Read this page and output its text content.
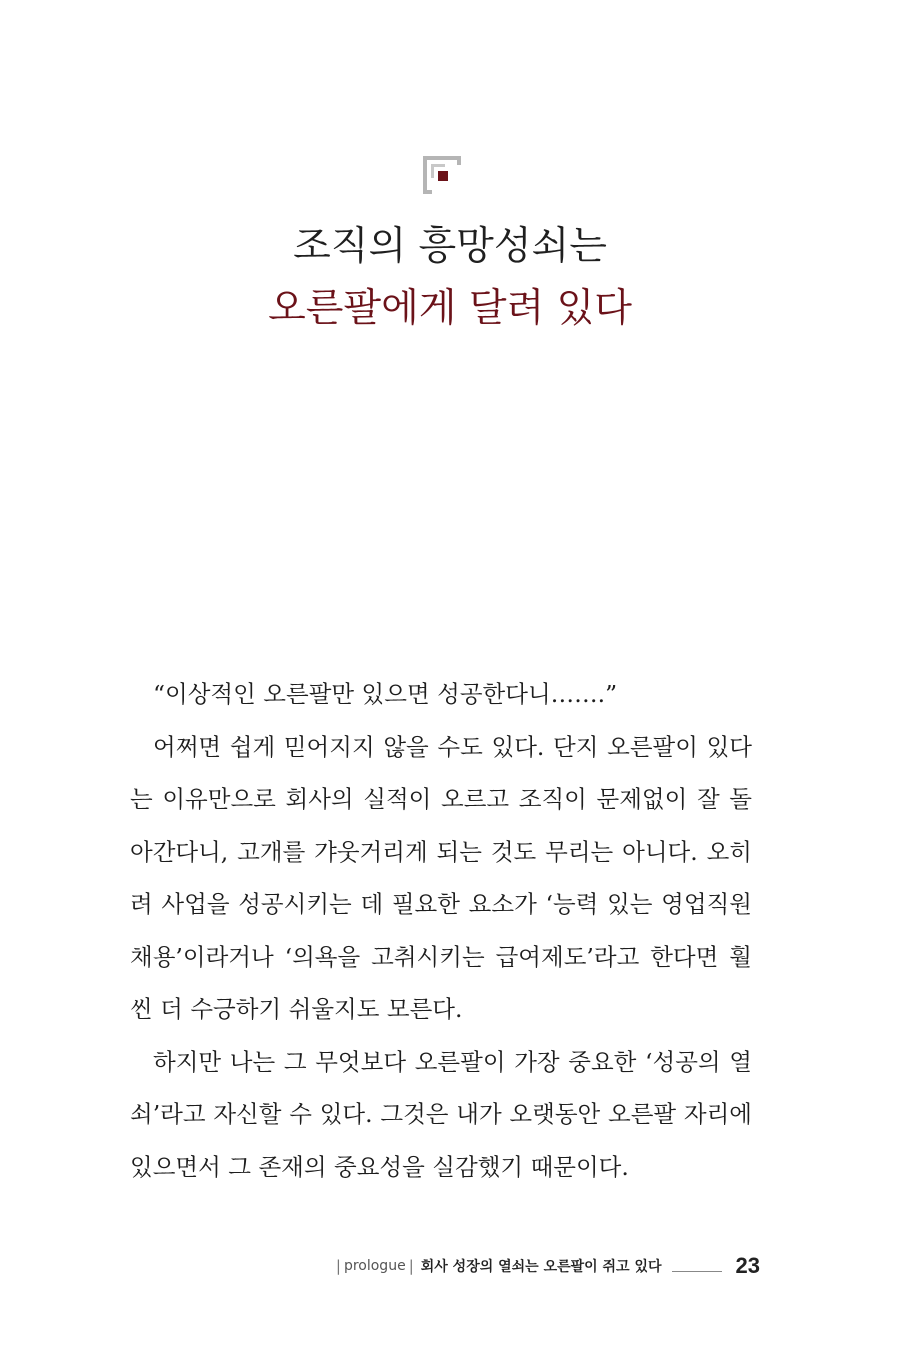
조직의 흥망성쇠는
오른팔에게 달려 있다

“이상적인 오른팔만 있으면 성공한다니…….”

어쩌면 쉽게 믿어지지 않을 수도 있다. 단지 오른팔이 있다는 이유만으로 회사의 실적이 오르고 조직이 문제없이 잘 돌아간다니, 고개를 갸웃거리게 되는 것도 무리는 아니다. 오히려 사업을 성공시키는 데 필요한 요소가 ‘능력 있는 영업직원 채용’이라거나 ‘의욕을 고취시키는 급여제도’라고 한다면 훨씬 더 수긍하기 쉬울지도 모른다.

하지만 나는 그 무엇보다 오른팔이 가장 중요한 ‘성공의 열쇠’라고 자신할 수 있다. 그것은 내가 오랫동안 오른팔 자리에 있으면서 그 존재의 중요성을 실감했기 때문이다.

| prologue | 회사 성장의 열쇠는 오른팔이 쥐고 있다	23
